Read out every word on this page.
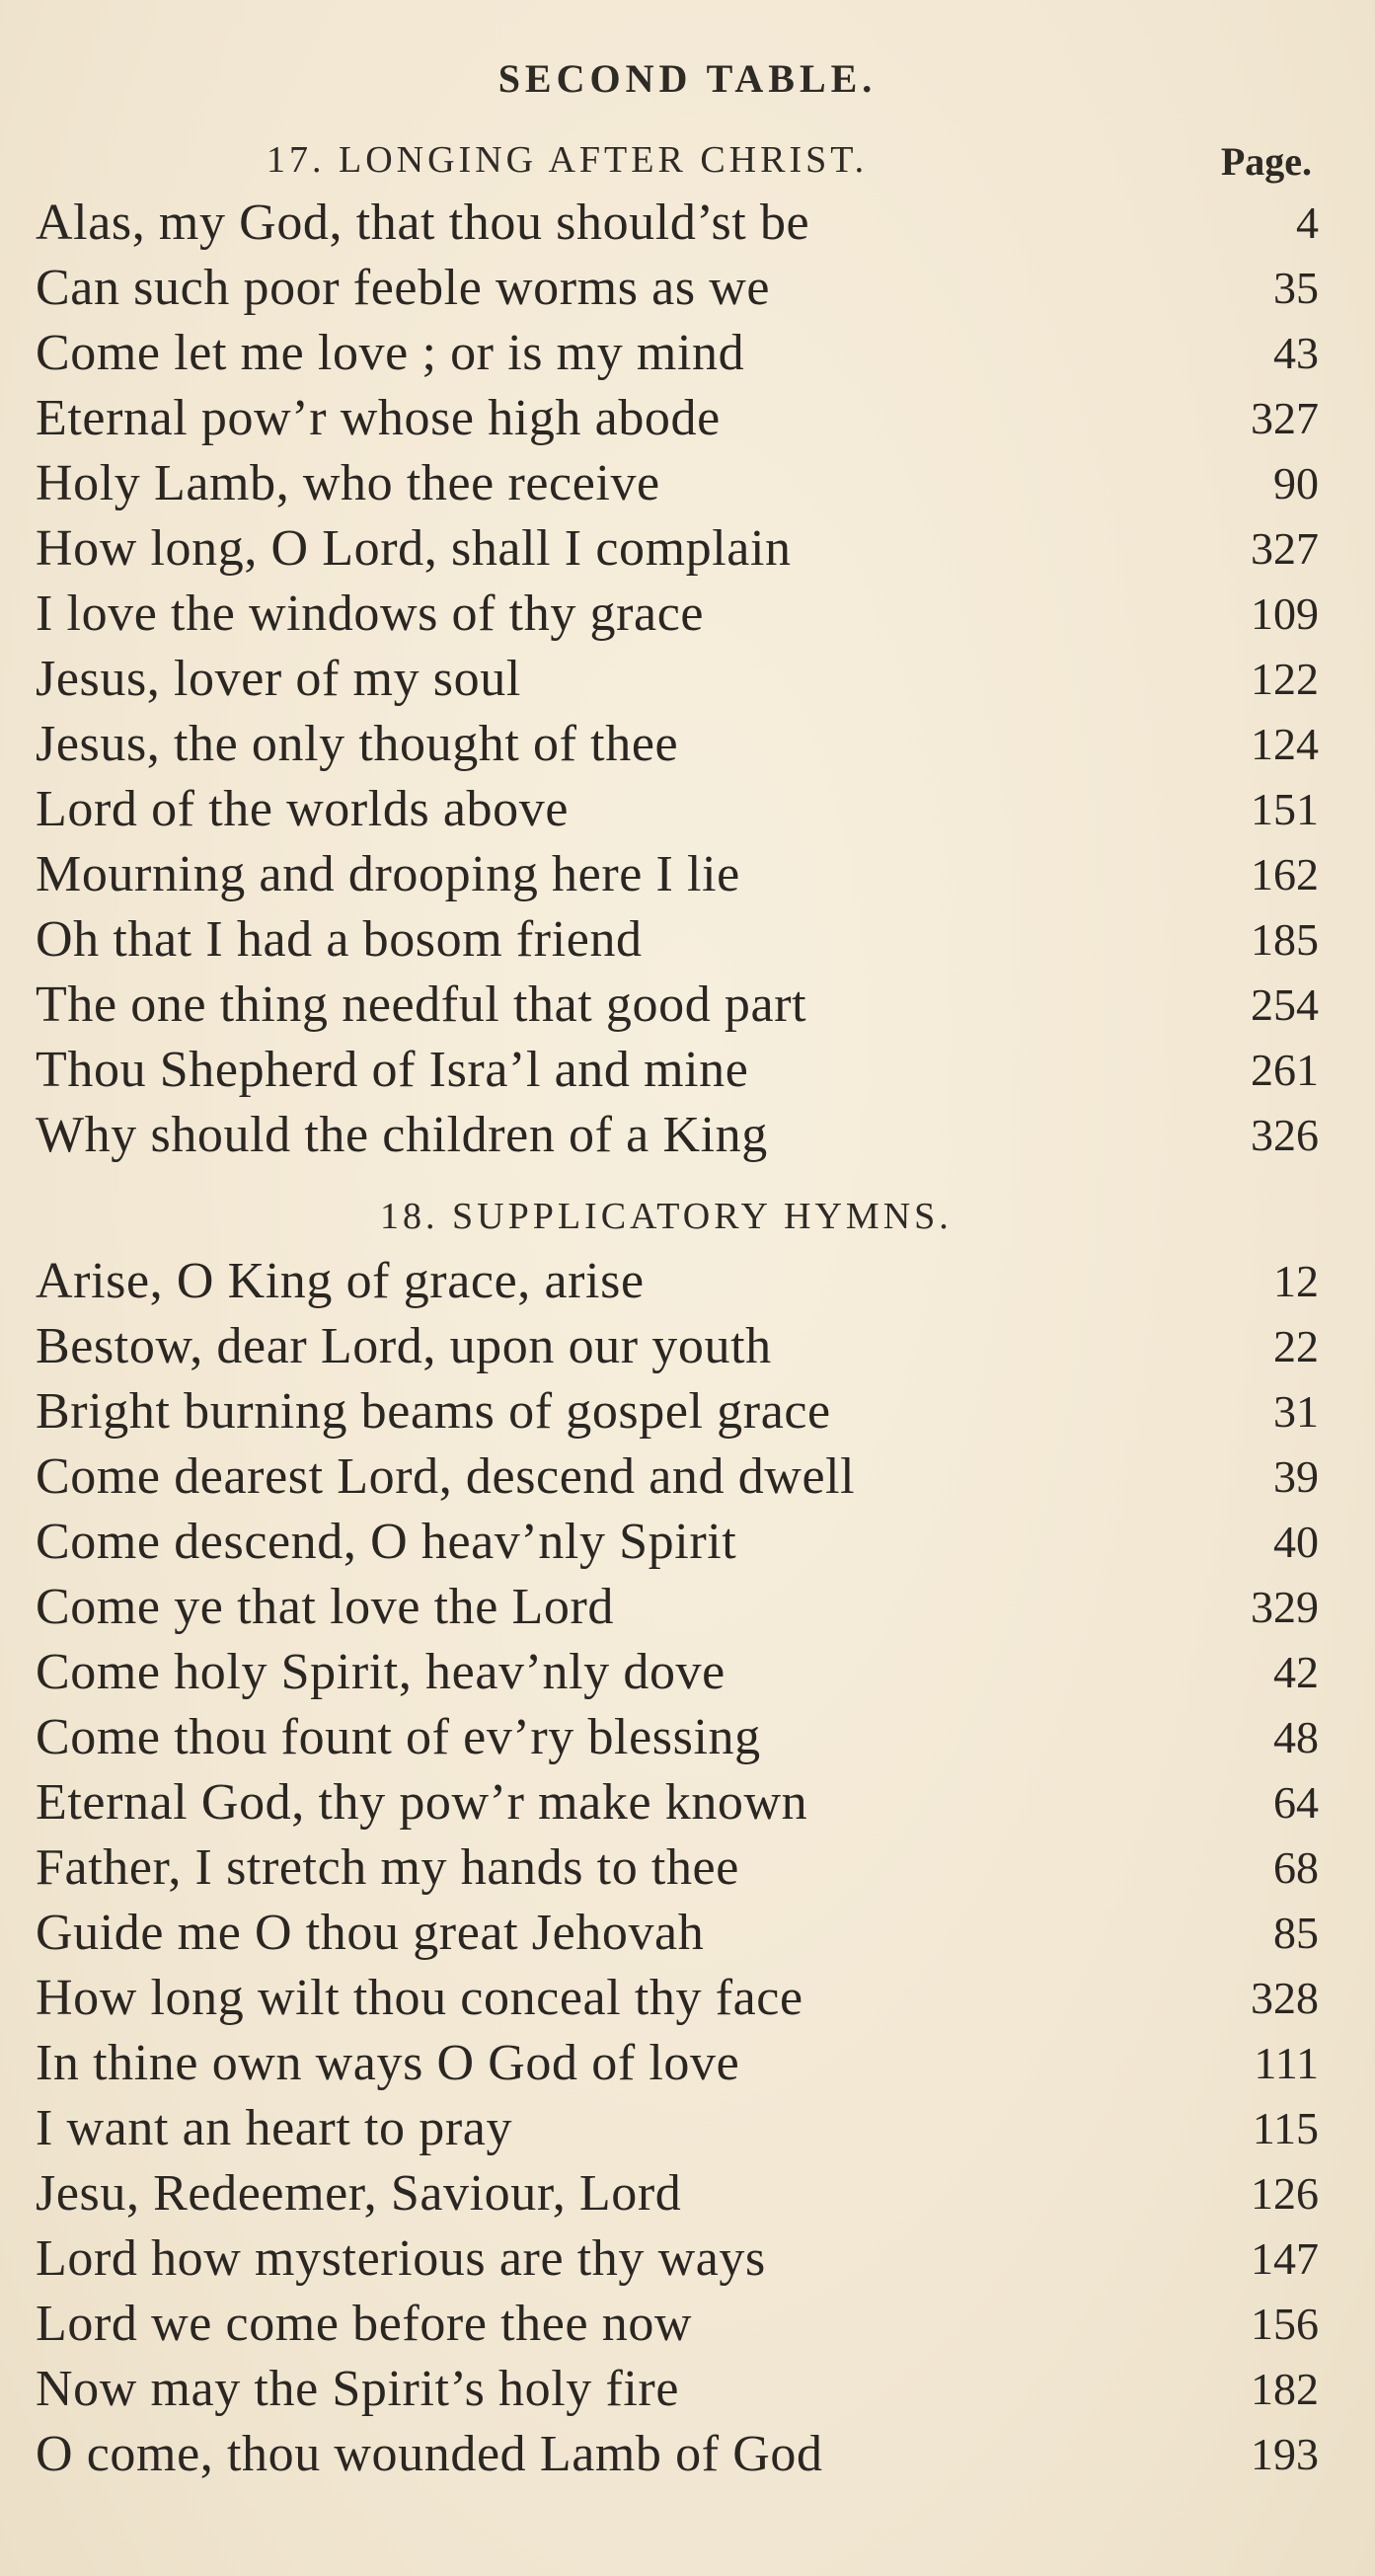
SECOND TABLE.
17. LONGING AFTER CHRIST.	Page.
Alas, my God, that thou should’st be	4
Can such poor feeble worms as we	35
Come let me love ; or is my mind	43
Eternal pow’r whose high abode	327
Holy Lamb, who thee receive	90
How long, O Lord, shall I complain	327
I love the windows of thy grace	109
Jesus, lover of my soul	122
Jesus, the only thought of thee	124
Lord of the worlds above	151
Mourning and drooping here I lie	162
Oh that I had a bosom friend	185
The one thing needful that good part	254
Thou Shepherd of Isra’l and mine	261
Why should the children of a King	326
18. SUPPLICATORY HYMNS.
Arise, O King of grace, arise	12
Bestow, dear Lord, upon our youth	22
Bright burning beams of gospel grace	31
Come dearest Lord, descend and dwell	39
Come descend, O heav’nly Spirit	40
Come ye that love the Lord	329
Come holy Spirit, heav’nly dove	42
Come thou fount of ev’ry blessing	48
Eternal God, thy pow’r make known	64
Father, I stretch my hands to thee	68
Guide me O thou great Jehovah	85
How long wilt thou conceal thy face	328
In thine own ways O God of love	111
I want an heart to pray	115
Jesu, Redeemer, Saviour, Lord	126
Lord how mysterious are thy ways	147
Lord we come before thee now	156
Now may the Spirit’s holy fire	182
O come, thou wounded Lamb of God	193
